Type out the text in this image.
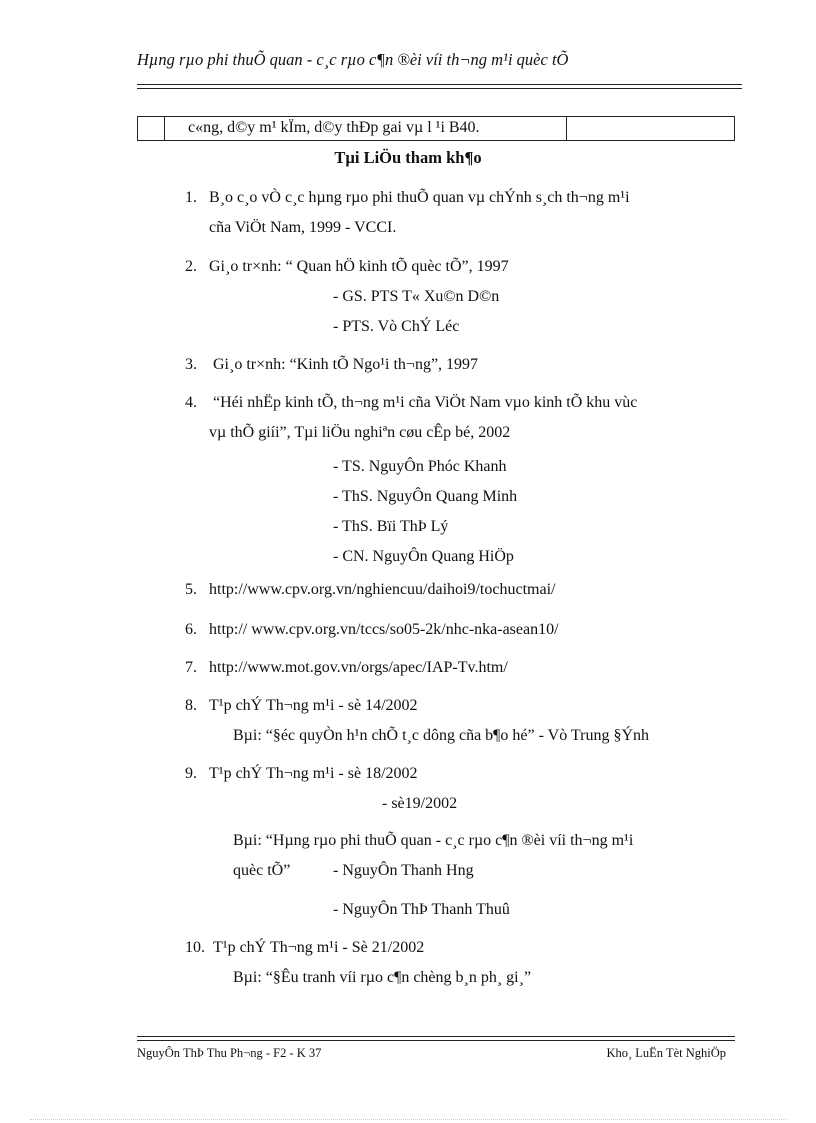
Hµng rµo phi thuÕ quan - c¸c rµo c¶n ®èi víi th¬ng m¹i quèc tÕ
c«ng, d©y m¹ kÏm, d©y thÐp gai vµ l ¹i B40.
Tµi LiÖu tham kh¶o
1. B¸o c¸o vÒ c¸c hµng rµo phi thuÕ quan vµ chÝnh s¸ch th¬ng m¹i
cña ViÖt Nam, 1999 - VCCI.
2. Gi¸o tr×nh: “ Quan hÖ kinh tÕ quèc tÕ”, 1997
- GS. PTS T« Xu©n D©n
- PTS. Vò ChÝ Léc
3. Gi¸o tr×nh: “Kinh tÕ Ngo¹i th¬ng”, 1997
4. “Héi nhËp kinh tÕ, th¬ng m¹i cña ViÖt Nam vµo kinh tÕ khu vùc
vµ thÕ giíi”, Tµi liÖu nghiªn cøu cÊp bé, 2002
- TS. NguyÔn Phóc Khanh
- ThS. NguyÔn Quang Minh
- ThS. Bïi ThÞ Lý
- CN. NguyÔn Quang HiÖp
5. http://www.cpv.org.vn/nghiencuu/daihoi9/tochuctmai/
6. http:// www.cpv.org.vn/tccs/so05-2k/nhc-nka-asean10/
7. http://www.mot.gov.vn/orgs/apec/IAP-Tv.htm/
8. T¹p chÝ Th¬ng m¹i - sè 14/2002
Bµi: “§éc quyÒn h¹n chÕ t¸c dông cña b¶o hé” - Vò Trung §Ýnh
9. T¹p chÝ Th¬ng m¹i - sè 18/2002
- sè19/2002
Bµi: “Hµng rµo phi thuÕ quan - c¸c rµo c¶n ®èi víi th¬ng m¹i
quèc tÕ”	- NguyÔn Thanh Hng
- NguyÔn ThÞ Thanh Thuû
10. T¹p chÝ Th¬ng m¹i - Sè 21/2002
Bµi: “§Êu tranh víi rµo c¶n chèng b¸n ph¸ gi¸”
NguyÔn ThÞ Thu Ph¬ng - F2 - K 37	Kho¸ LuËn Tèt NghiÖp
